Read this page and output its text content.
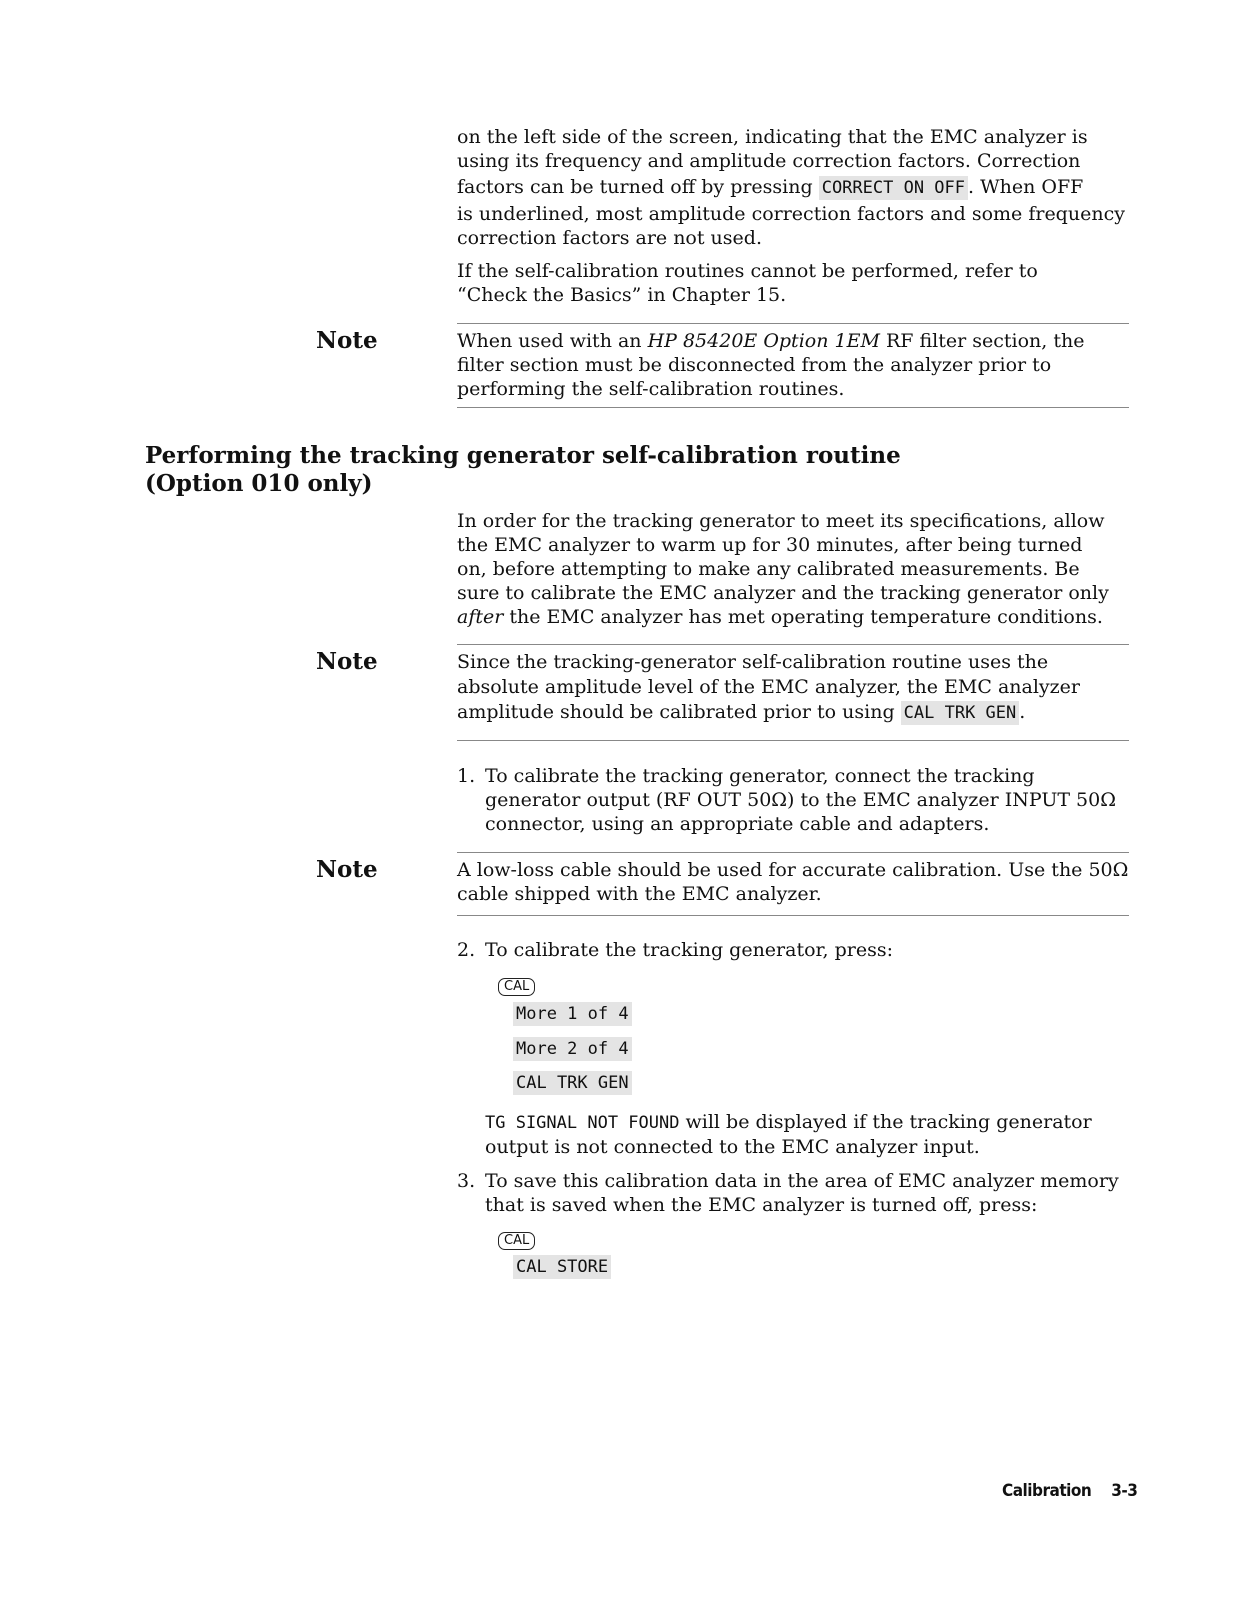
on the left side of the screen, indicating that the EMC analyzer is

using its frequency and amplitude correction factors. Correction

factors can be turned off by pressing CORRECT ON OFF . When OFF

is underlined, most amplitude correction factors and some frequency

correction factors are not used.

If the self-calibration routines cannot be performed, refer to “Check the Basics” in Chapter 15.
Note	When used with an HP 85420E Option 1EM RF filter section, the filter section must be disconnected from the analyzer prior to performing the self-calibration routines.
Performing the tracking generator self-calibration routine
(Option 010 only)
In order for the tracking generator to meet its specifications, allow the EMC analyzer to warm up for 30 minutes, after being turned on, before attempting to make any calibrated measurements. Be sure to calibrate the EMC analyzer and the tracking generator only after the EMC analyzer has met operating temperature conditions.
Note	Since the tracking-generator self-calibration routine uses the absolute amplitude level of the EMC analyzer, the EMC analyzer amplitude should be calibrated prior to using CAL TRK GEN .
1. To calibrate the tracking generator, connect the tracking generator output (RF OUT 50Ω) to the EMC analyzer INPUT 50Ω connector, using an appropriate cable and adapters.
Note	A low-loss cable should be used for accurate calibration. Use the 50Ω cable shipped with the EMC analyzer.
2. To calibrate the tracking generator, press:
CAL
More 1 of 4
More 2 of 4
CAL TRK GEN
TG SIGNAL NOT FOUND will be displayed if the tracking generator output is not connected to the EMC analyzer input.
3. To save this calibration data in the area of EMC analyzer memory that is saved when the EMC analyzer is turned off, press:
CAL
CAL STORE
Calibration 3-3
